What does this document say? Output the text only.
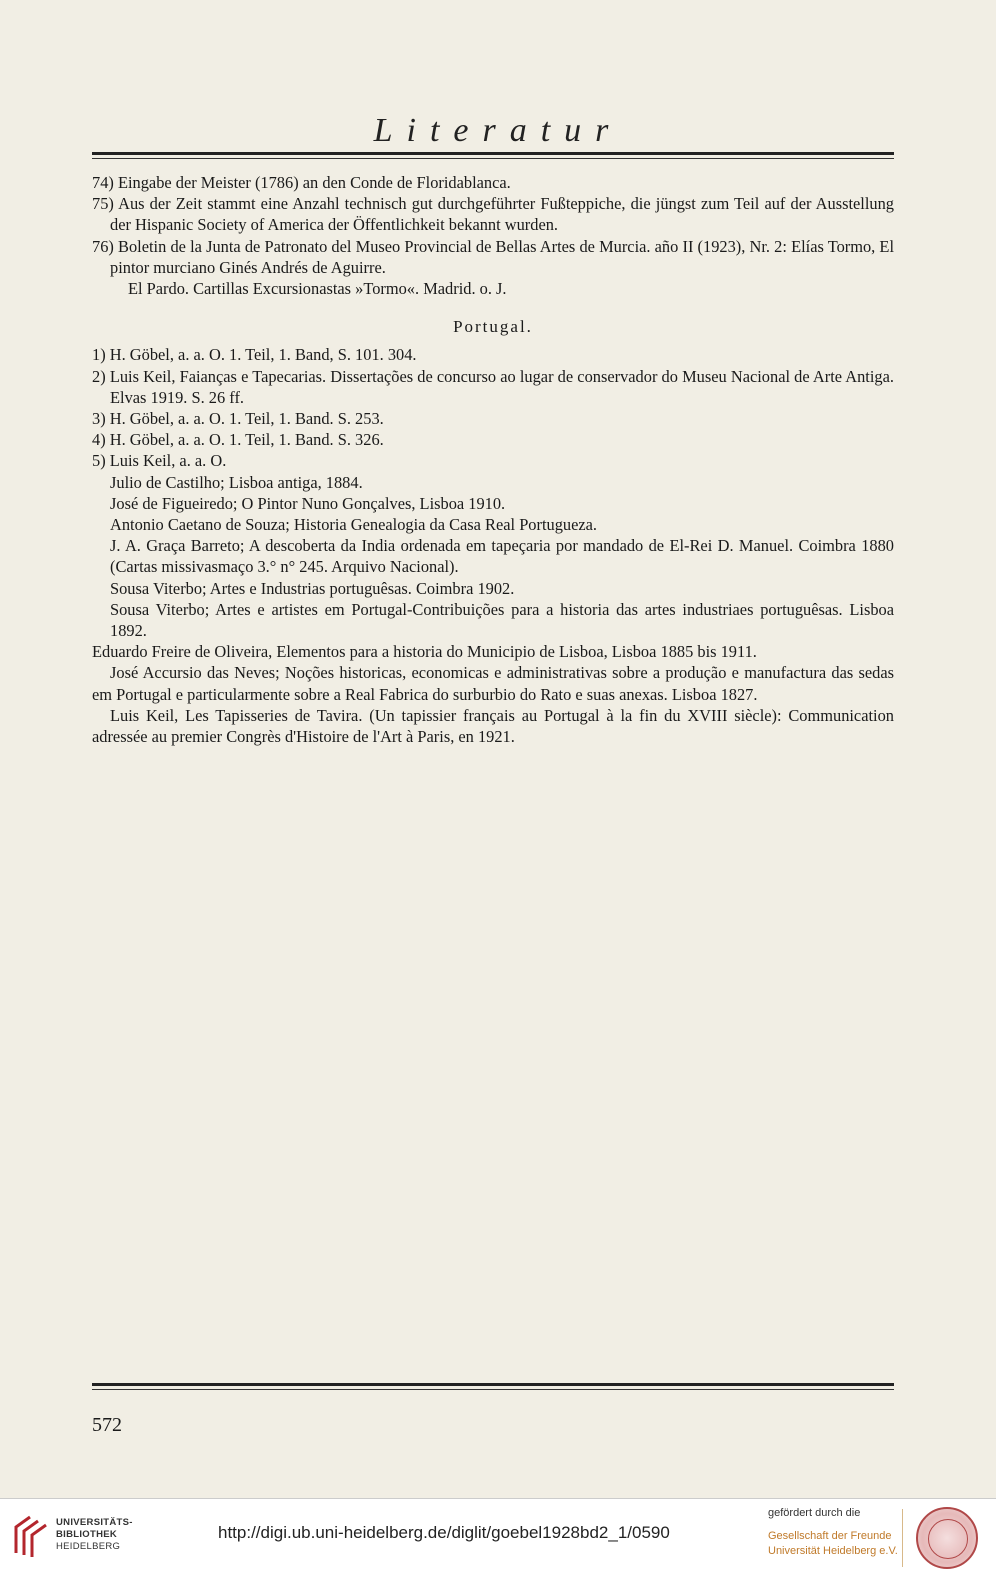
Literatur

74) Eingabe der Meister (1786) an den Conde de Floridablanca.

75) Aus der Zeit stammt eine Anzahl technisch gut durchgeführter Fußteppiche, die jüngst zum Teil auf der Ausstellung der Hispanic Society of America der Öffentlichkeit bekannt wurden.

76) Boletin de la Junta de Patronato del Museo Provincial de Bellas Artes de Murcia. año II (1923), Nr. 2: Elías Tormo, El pintor murciano Ginés Andrés de Aguirre.

El Pardo. Cartillas Excursionastas »Tormo«. Madrid. o. J.

Portugal.

1) H. Göbel, a. a. O. 1. Teil, 1. Band, S. 101. 304.

2) Luis Keil, Faianças e Tapecarias. Dissertações de concurso ao lugar de conservador do Museu Nacional de Arte Antiga. Elvas 1919. S. 26 ff.

3) H. Göbel, a. a. O. 1. Teil, 1. Band. S. 253.

4) H. Göbel, a. a. O. 1. Teil, 1. Band. S. 326.

5) Luis Keil, a. a. O.

Julio de Castilho; Lisboa antiga, 1884.

José de Figueiredo; O Pintor Nuno Gonçalves, Lisboa 1910.

Antonio Caetano de Souza; Historia Genealogia da Casa Real Portugueza.

J. A. Graça Barreto; A descoberta da India ordenada em tapeçaria por mandado de El-Rei D. Manuel. Coimbra 1880 (Cartas missivasmaço 3.° n° 245. Arquivo Nacional).

Sousa Viterbo; Artes e Industrias portuguêsas. Coimbra 1902.

Sousa Viterbo; Artes e artistes em Portugal-Contribuições para a historia das artes industriaes portuguêsas. Lisboa 1892.

Eduardo Freire de Oliveira, Elementos para a historia do Municipio de Lisboa, Lisboa 1885 bis 1911.

José Accursio das Neves; Noções historicas, economicas e administrativas sobre a produção e manufactura das sedas em Portugal e particularmente sobre a Real Fabrica do surburbio do Rato e suas anexas. Lisboa 1827.

Luis Keil, Les Tapisseries de Tavira. (Un tapissier français au Portugal à la fin du XVIII siècle): Communication adressée au premier Congrès d'Histoire de l'Art à Paris, en 1921.

572
UNIVERSITÄTS-
BIBLIOTHEK
HEIDELBERG
http://digi.ub.uni-heidelberg.de/diglit/goebel1928bd2_1/0590
gefördert durch die
Gesellschaft der Freunde
Universität Heidelberg e.V.
